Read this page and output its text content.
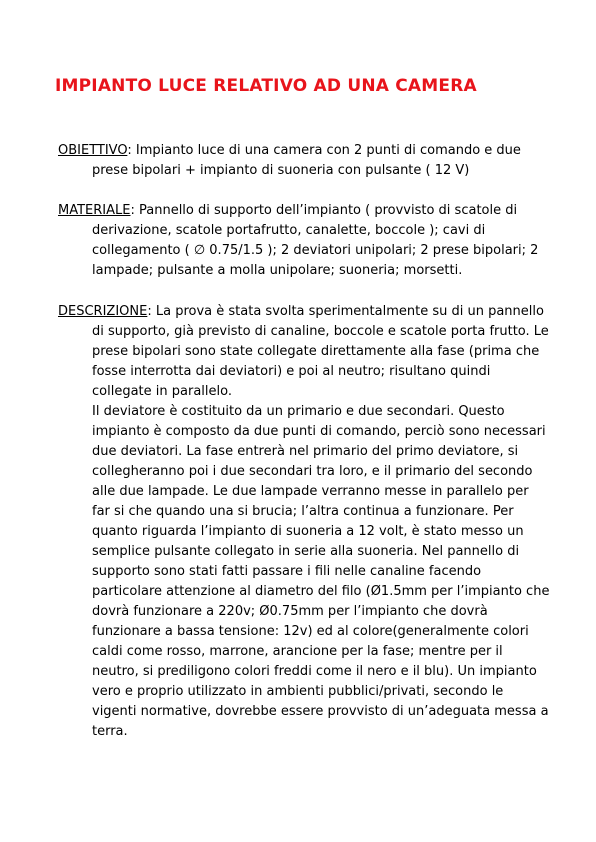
IMPIANTO LUCE RELATIVO AD UNA CAMERA

OBIETTIVO: Impianto luce di una camera con 2 punti di comando e due prese bipolari + impianto di suoneria con pulsante ( 12 V)

MATERIALE: Pannello di supporto dell’impianto ( provvisto di scatole di derivazione, scatole portafrutto, canalette, boccole ); cavi di collegamento ( ∅ 0.75/1.5 ); 2 deviatori unipolari; 2 prese bipolari; 2 lampade; pulsante a molla unipolare; suoneria; morsetti.

DESCRIZIONE: La prova è stata svolta sperimentalmente su di un pannello di supporto, già previsto di canaline, boccole e scatole porta frutto. Le prese bipolari sono state collegate direttamente alla fase (prima che fosse interrotta dai deviatori) e poi al neutro; risultano quindi collegate in parallelo.

Il deviatore è costituito da un primario e due secondari. Questo impianto è composto da due punti di comando, perciò sono necessari due deviatori. La fase entrerà nel primario del primo deviatore, si collegheranno poi i due secondari tra loro, e il primario del secondo alle due lampade. Le due lampade verranno messe in parallelo per far si che quando una si brucia; l’altra continua a funzionare. Per quanto riguarda l’impianto di suoneria a 12 volt, è stato messo un semplice pulsante collegato in serie alla suoneria. Nel pannello di supporto sono stati fatti passare i fili nelle canaline facendo particolare attenzione al diametro del filo (Ø1.5mm per l’impianto che dovrà funzionare a 220v; Ø0.75mm per l’impianto che dovrà funzionare a bassa tensione: 12v) ed al colore(generalmente colori caldi come rosso, marrone, arancione per la fase; mentre per il neutro, si prediligono colori freddi come il nero e il blu). Un impianto vero e proprio utilizzato in ambienti pubblici/privati, secondo le vigenti normative, dovrebbe essere provvisto di un’adeguata messa a terra.
